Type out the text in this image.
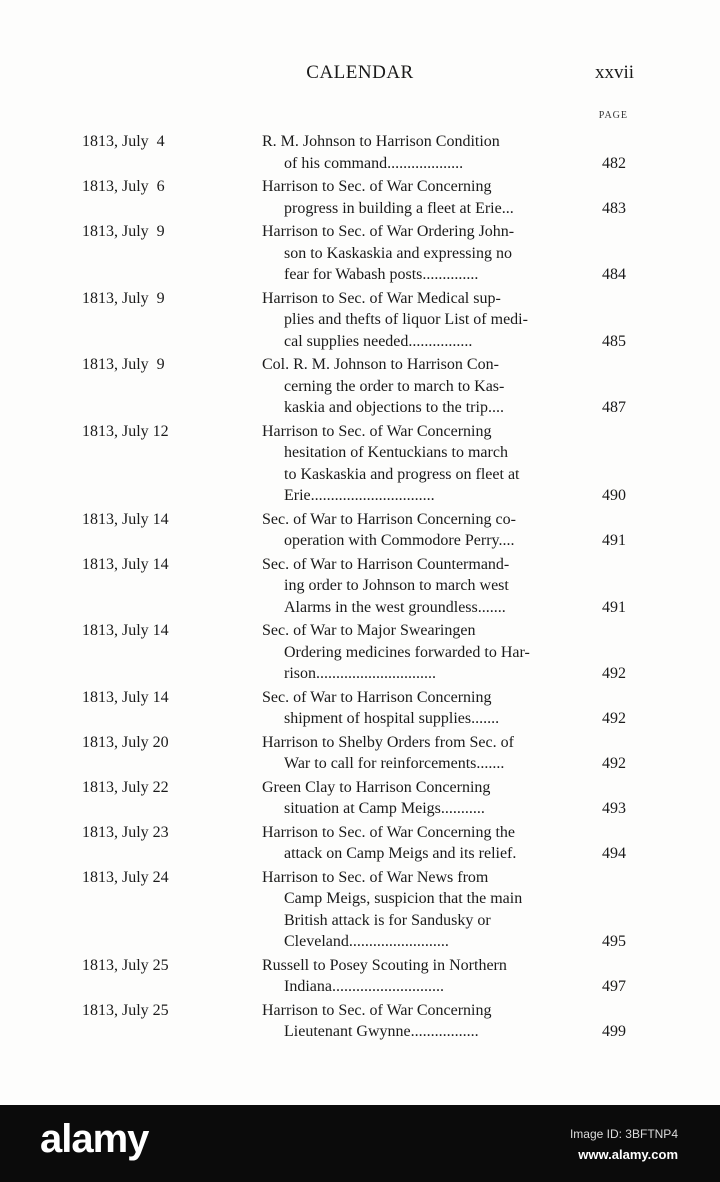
CALENDAR	xxvii
PAGE
1813, July  4	R. M. Johnson to Harrison Condition
of his command...................	482
1813, July  6	Harrison to Sec. of War Concerning
progress in building a fleet at Erie...	483
1813, July  9	Harrison to Sec. of War Ordering John-
son to Kaskaskia and expressing no
fear for Wabash posts..............	484
1813, July  9	Harrison to Sec. of War Medical sup-
plies and thefts of liquor List of medi-
cal supplies needed................	485
1813, July  9	Col. R. M. Johnson to Harrison Con-
cerning the order to march to Kas-
kaskia and objections to the trip....	487
1813, July 12	Harrison to Sec. of War Concerning
hesitation of Kentuckians to march
to Kaskaskia and progress on fleet at
Erie...............................	490
1813, July 14	Sec. of War to Harrison Concerning co-
operation with Commodore Perry....	491
1813, July 14	Sec. of War to Harrison Countermand-
ing order to Johnson to march west
Alarms in the west groundless.......	491
1813, July 14	Sec. of War to Major Swearingen
Ordering medicines forwarded to Har-
rison..............................	492
1813, July 14	Sec. of War to Harrison Concerning
shipment of hospital supplies.......	492
1813, July 20	Harrison to Shelby Orders from Sec. of
War to call for reinforcements.......	492
1813, July 22	Green Clay to Harrison Concerning
situation at Camp Meigs...........	493
1813, July 23	Harrison to Sec. of War Concerning the
attack on Camp Meigs and its relief.	494
1813, July 24	Harrison to Sec. of War News from
Camp Meigs, suspicion that the main
British attack is for Sandusky or
Cleveland.........................	495
1813, July 25	Russell to Posey Scouting in Northern
Indiana............................	497
1813, July 25	Harrison to Sec. of War Concerning
Lieutenant Gwynne.................	499
alamy	Image ID: 3BFTNP4
www.alamy.com
